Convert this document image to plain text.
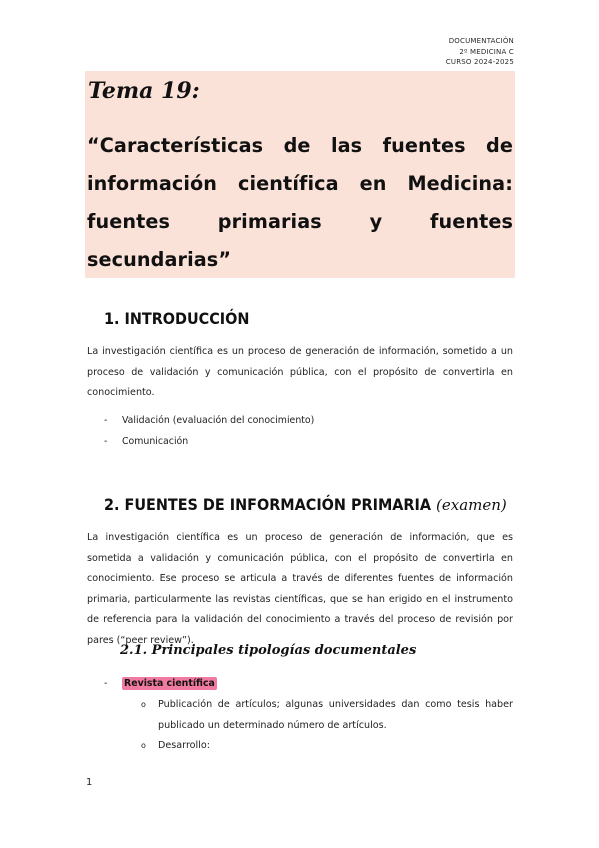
DOCUMENTACIÓN
2º MEDICINA C
CURSO 2024-2025
Tema 19:
“Características de las fuentes de información científica en Medicina: fuentes primarias y fuentes secundarias”
1. INTRODUCCIÓN
La investigación científica es un proceso de generación de información, sometido a un proceso de validación y comunicación pública, con el propósito de convertirla en conocimiento.
- Validación (evaluación del conocimiento)
- Comunicación
2. FUENTES DE INFORMACIÓN PRIMARIA (examen)
La investigación científica es un proceso de generación de información, que es sometida a validación y comunicación pública, con el propósito de convertirla en conocimiento. Ese proceso se articula a través de diferentes fuentes de información primaria, particularmente las revistas científicas, que se han erigido en el instrumento de referencia para la validación del conocimiento a través del proceso de revisión por pares (“peer review”).
2.1. Principales tipologías documentales
- Revista científica
o Publicación de artículos; algunas universidades dan como tesis haber publicado un determinado número de artículos.
o Desarrollo:
1
